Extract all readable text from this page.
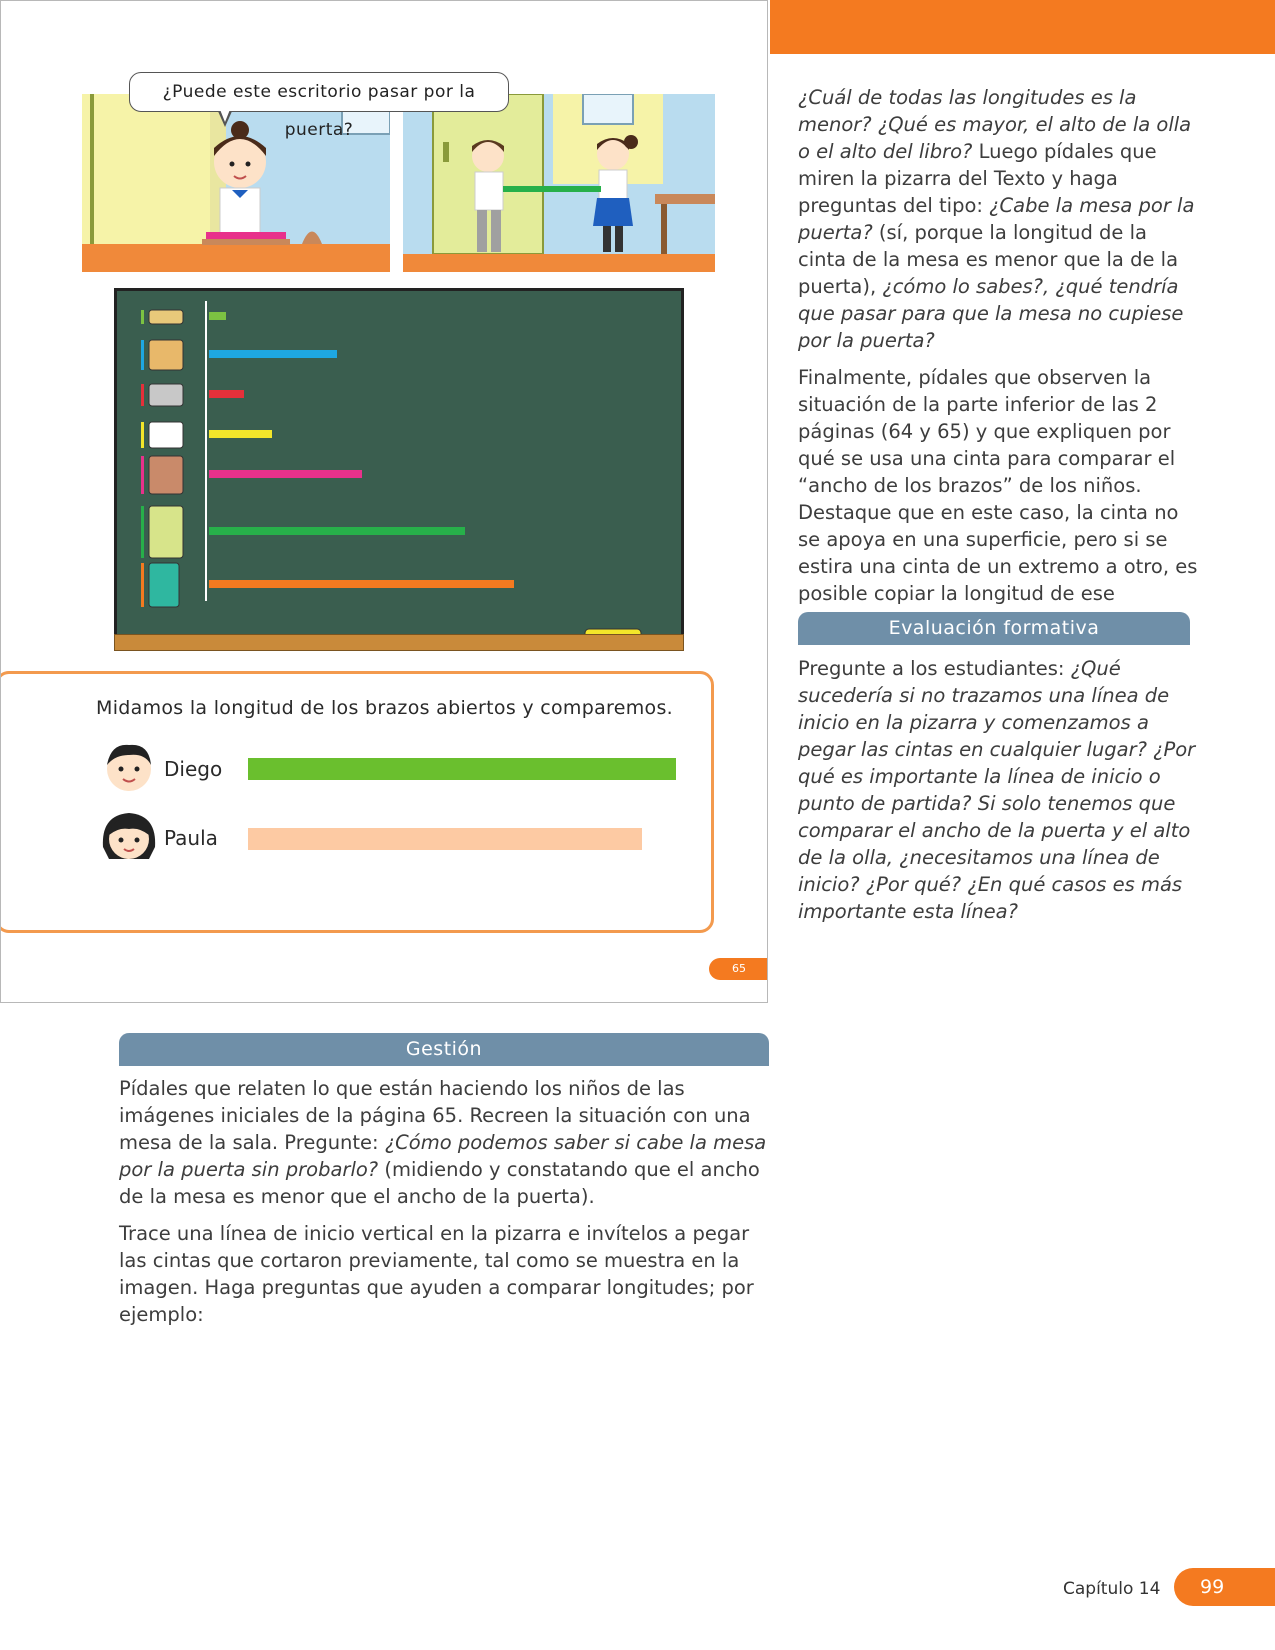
¿Puede este escritorio pasar por la puerta?
Midamos la longitud de los brazos abiertos y comparemos.
Diego
Paula
65

¿Cuál de todas las longitudes es la menor? ¿Qué es mayor, el alto de la olla o el alto del libro? Luego pídales que miren la pizarra del Texto y haga preguntas del tipo: ¿Cabe la mesa por la puerta? (sí, porque la longitud de la cinta de la mesa es menor que la de la puerta), ¿cómo lo sabes?, ¿qué tendría que pasar para que la mesa no cupiese por la puerta?

Finalmente, pídales que observen la situación de la parte inferior de las 2 páginas (64 y 65) y que expliquen por qué se usa una cinta para comparar el “ancho de los brazos” de los niños. Destaque que en este caso, la cinta no se apoya en una superficie, pero si se estira una cinta de un extremo a otro, es posible copiar la longitud de ese

Evaluación formativa

Pregunte a los estudiantes: ¿Qué sucedería si no trazamos una línea de inicio en la pizarra y comenzamos a pegar las cintas en cualquier lugar? ¿Por qué es importante la línea de inicio o punto de partida? Si solo tenemos que comparar el ancho de la puerta y el alto de la olla, ¿necesitamos una línea de inicio? ¿Por qué? ¿En qué casos es más importante esta línea?

Gestión

Pídales que relaten lo que están haciendo los niños de las imágenes iniciales de la página 65. Recreen la situación con una mesa de la sala. Pregunte: ¿Cómo podemos saber si cabe la mesa por la puerta sin probarlo? (midiendo y constatando que el ancho de la mesa es menor que el ancho de la puerta).

Trace una línea de inicio vertical en la pizarra e invítelos a pegar las cintas que cortaron previamente, tal como se muestra en la imagen. Haga preguntas que ayuden a comparar longitudes; por ejemplo:

Capítulo 14	99
